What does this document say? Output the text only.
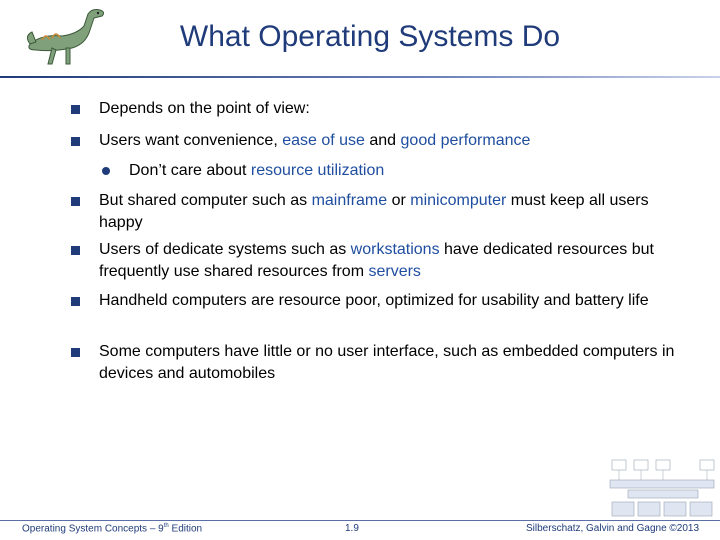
What Operating Systems Do
Depends on the point of view:
Users want convenience, ease of use and good performance
Don’t care about resource utilization
But shared computer such as mainframe or minicomputer must keep all users happy
Users of dedicate systems such as workstations have dedicated resources but frequently use shared resources from servers
Handheld computers are resource poor, optimized for usability and battery life
Some computers have little or no user interface, such as embedded computers in devices and automobiles
Operating System Concepts – 9th Edition	1.9	Silberschatz, Galvin and Gagne ©2013
